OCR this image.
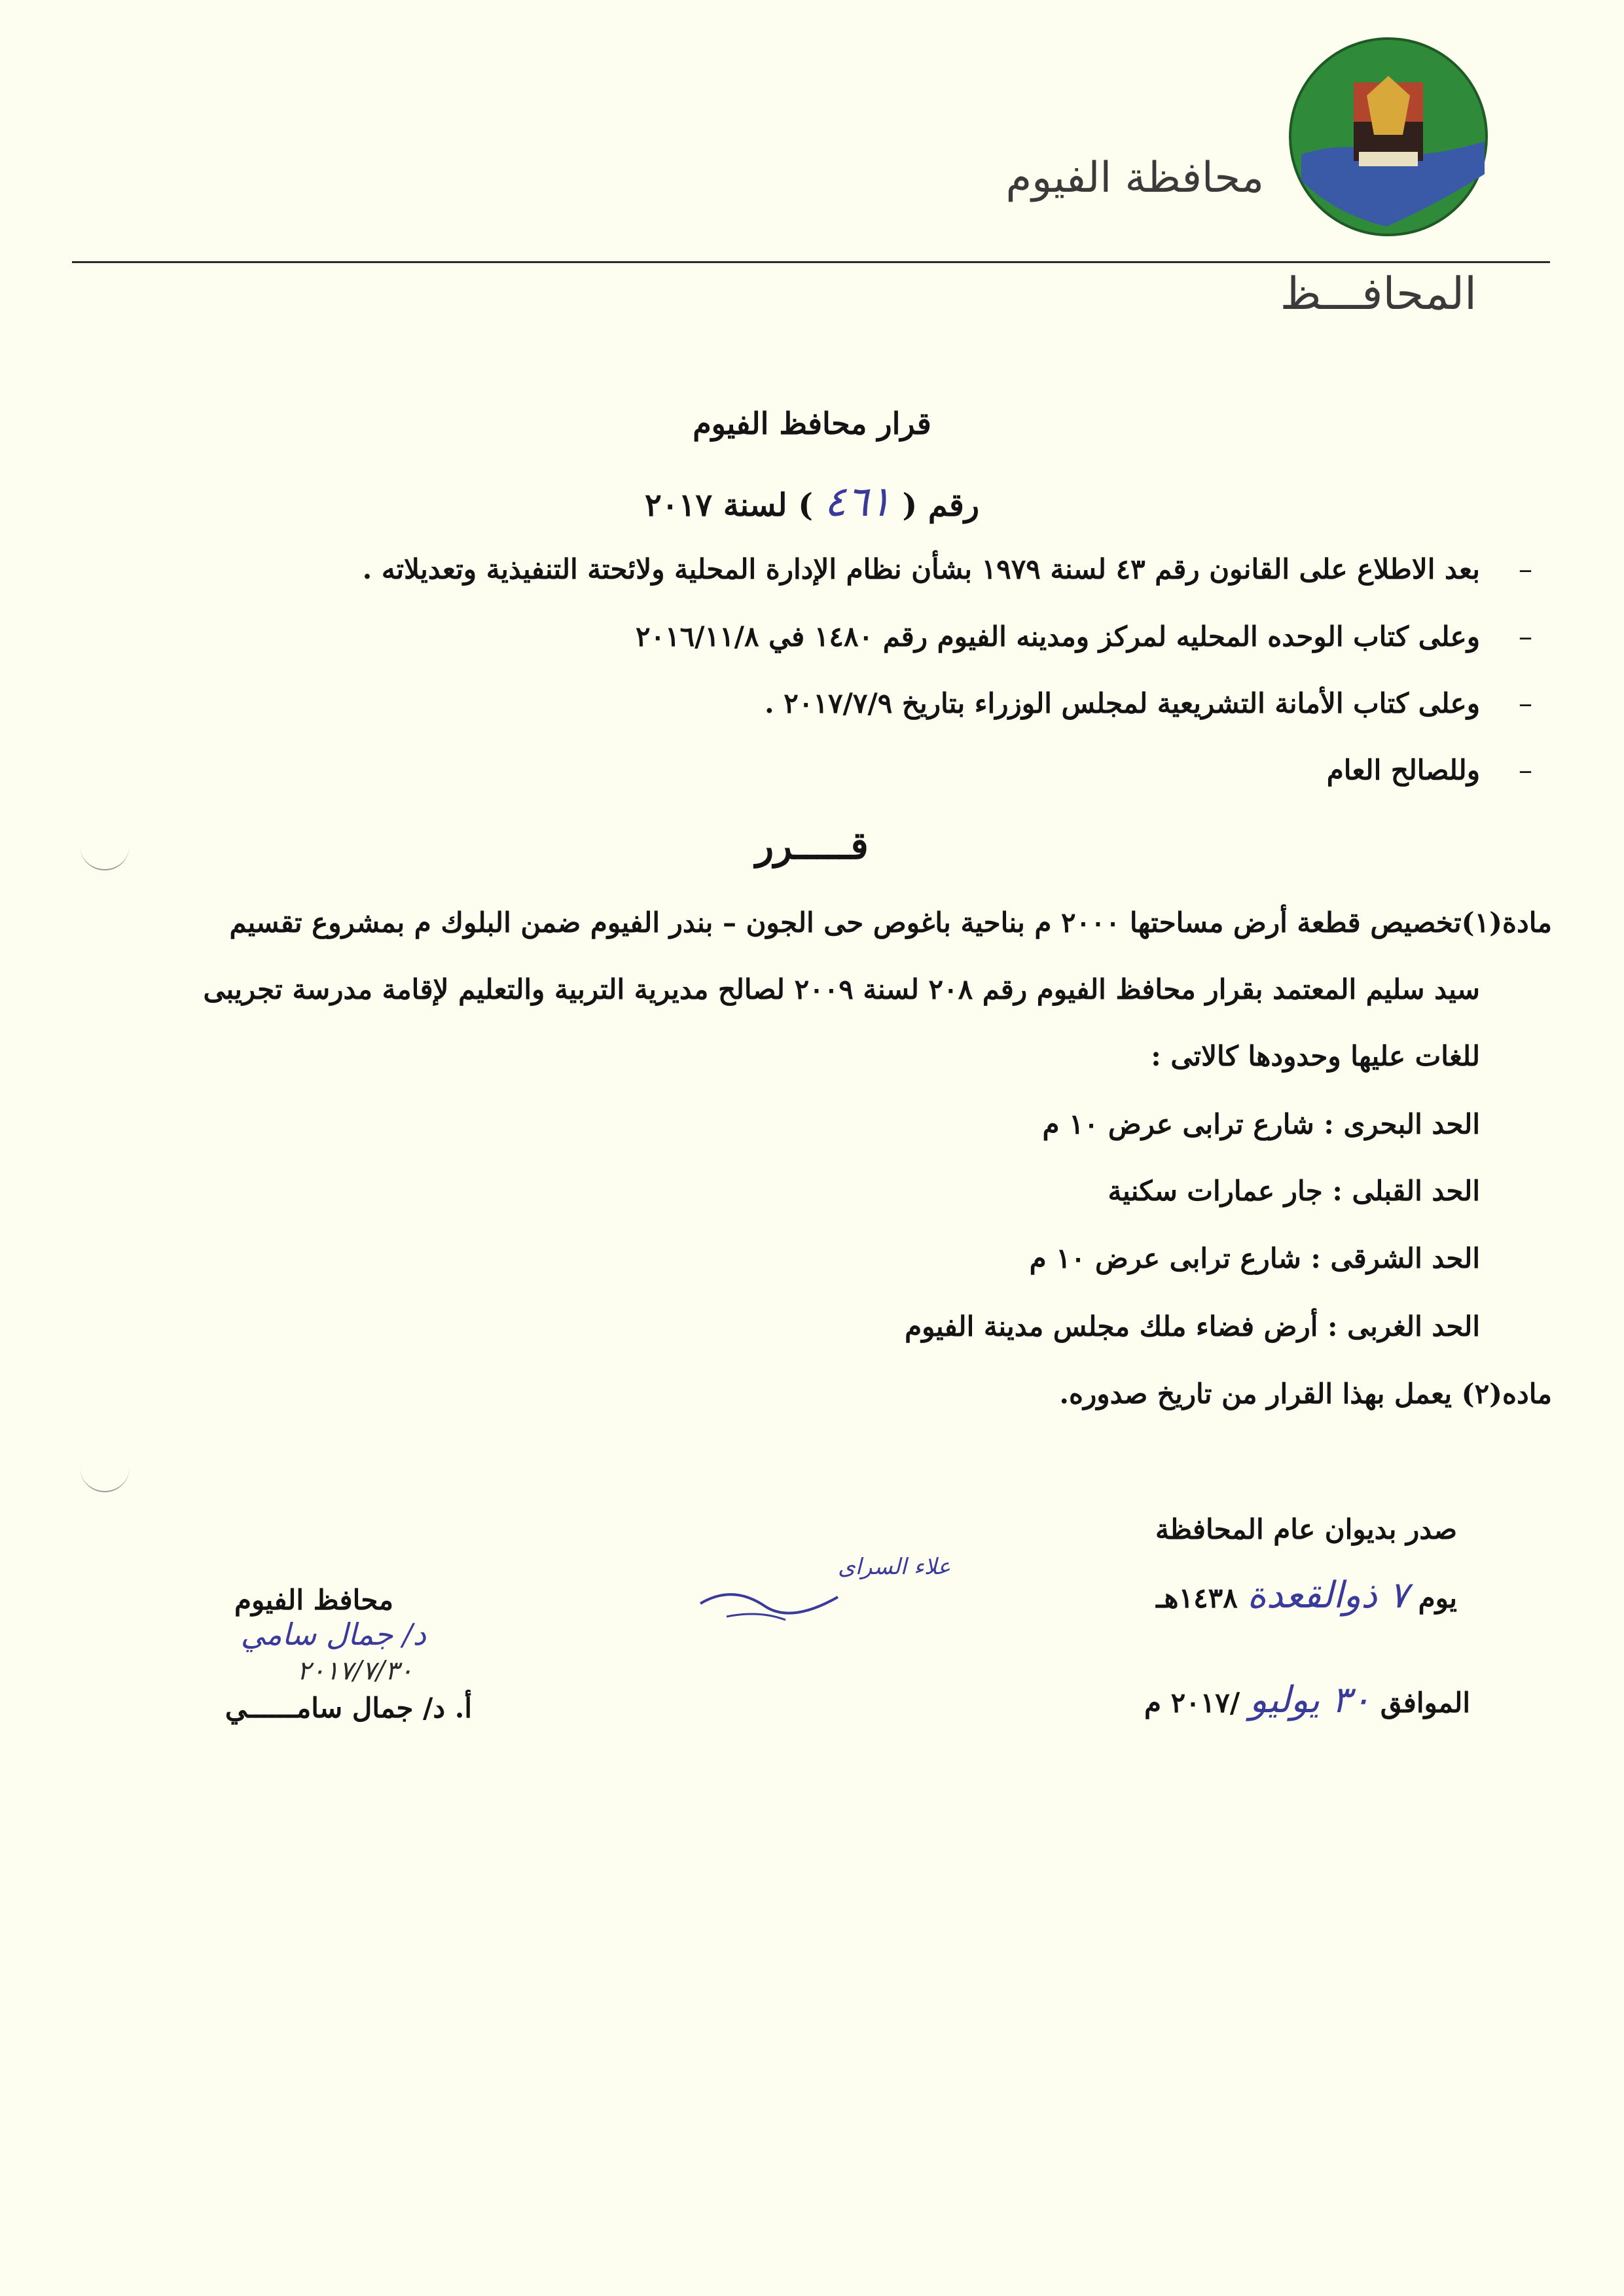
محافظة الفيوم
المحافـــظ
قرار محافظ الفيوم
رقم ( ٤٦١ ) لسنة ٢٠١٧
بعد الاطلاع على القانون رقم ٤٣ لسنة ١٩٧٩ بشأن نظام الإدارة المحلية ولائحتة التنفيذية وتعديلاته . –
وعلى كتاب الوحده المحليه لمركز ومدينه الفيوم رقم ١٤٨٠ في ٢٠١٦/١١/٨ –
وعلى كتاب الأمانة التشريعية لمجلس الوزراء بتاريخ ٢٠١٧/٧/٩ . –
وللصالح العام –
قـــــرر
مادة(١)تخصيص قطعة أرض مساحتها ٢٠٠٠ م بناحية باغوص حى الجون – بندر الفيوم ضمن البلوك م بمشروع تقسيم
سيد سليم المعتمد بقرار محافظ الفيوم رقم ٢٠٨ لسنة ٢٠٠٩ لصالح مديرية التربية والتعليم لإقامة مدرسة تجريبى
للغات عليها وحدودها كالاتى :
الحد البحرى : شارع ترابى عرض ١٠ م
الحد القبلى : جار عمارات سكنية
الحد الشرقى : شارع ترابى عرض ١٠ م
الحد الغربى : أرض فضاء ملك مجلس مدينة الفيوم
ماده(٢) يعمل بهذا القرار من تاريخ صدوره.
صدر بديوان عام المحافظة
يوم ٧ ذوالقعدة ١٤٣٨هـ
الموافق ٣٠ يوليو /٢٠١٧ م
علاء السراى
محافظ الفيوم
د/ جمال سامي
٢٠١٧/٧/٣٠
أ. د/ جمال سامــــــي
